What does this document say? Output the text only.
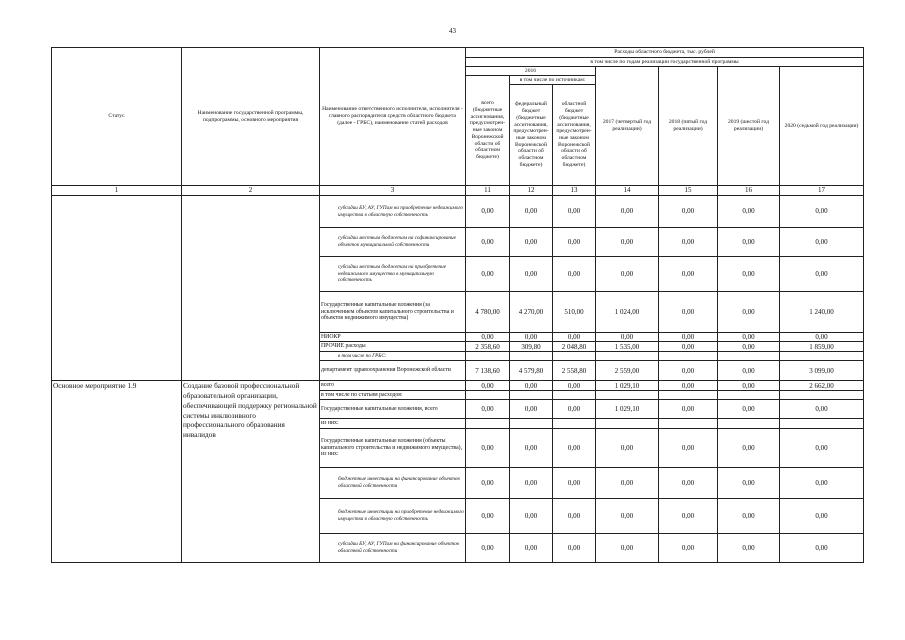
43
Статус	Наименование государственной программы, подпрограммы, основного мероприятия	Наименование ответственного исполнителя, исполнителя - главного распорядителя средств областного бюджета (далее - ГРБС), наименование статей расходов	Расходы областного бюджета, тыс. рублей						
			в том числе по годам реализации государственной программы						
			2016			2017 (четвертый год реализации)	2018 (пятый год реализации)	2019 (шестой год реализации)	2020 (седьмой год реализации)
			всего (бюджетные ассигнования, предусмотрен-ные законом Воронежской области об областном бюджете)	в том числе по источникам:					
				федеральный бюджет (бюджетные ассигнования, предусмотрен-ные законом Воронежской области об областном бюджете)	областной бюджет (бюджетные ассигнования, предусмотрен-ные законом Воронежской области об областном бюджете)				
1	2	3	11	12	13	14	15	16	17
		субсидии БУ, АУ, ГУПам на приобретение недвижимого имущества в областную собственность	0,00	0,00	0,00	0,00	0,00	0,00	0,00
		субсидии местным бюджетам на софинансирование объектов муниципальной собственности	0,00	0,00	0,00	0,00	0,00	0,00	0,00
		субсидии местным бюджетам на приобретение недвижимого имущества в муниципальную собственность	0,00	0,00	0,00	0,00	0,00	0,00	0,00
		Государственные капитальные вложения (за исключением объектов капитального строительства и объектов недвижимого имущества)	4 780,00	4 270,00	510,00	1 024,00	0,00	0,00	1 240,00
		НИОКР	0,00	0,00	0,00	0,00	0,00	0,00	0,00
		ПРОЧИЕ расходы	2 358,60	309,80	2 048,80	1 535,00	0,00	0,00	1 859,00
		в том числе по ГРБС:							
		департамент здравоохранения Воронежской области	7 138,60	4 579,80	2 558,80	2 559,00	0,00	0,00	3 099,00
Основное мероприятие 1.9	Создание базовой профессиональной образовательной организации, обеспечивающей поддержку региональной системы инклюзивного профессионального образования инвалидов	всего	0,00	0,00	0,00	1 029,10	0,00	0,00	2 662,00
		в том числе по статьям расходов:							
		Государственные капитальные вложения, всего	0,00	0,00	0,00	1 029,10	0,00	0,00	0,00
		из них:							
		Государственные капитальные вложения (объекты капитального строительства и недвижимого имущества), из них:	0,00	0,00	0,00	0,00	0,00	0,00	0,00
		бюджетные инвестиции на финансирование объектов областной собственности	0,00	0,00	0,00	0,00	0,00	0,00	0,00
		бюджетные инвестиции на приобретение недвижимого имущества в областную собственность	0,00	0,00	0,00	0,00	0,00	0,00	0,00
		субсидии БУ, АУ, ГУПам на финансирование объектов областной собственности	0,00	0,00	0,00	0,00	0,00	0,00	0,00
